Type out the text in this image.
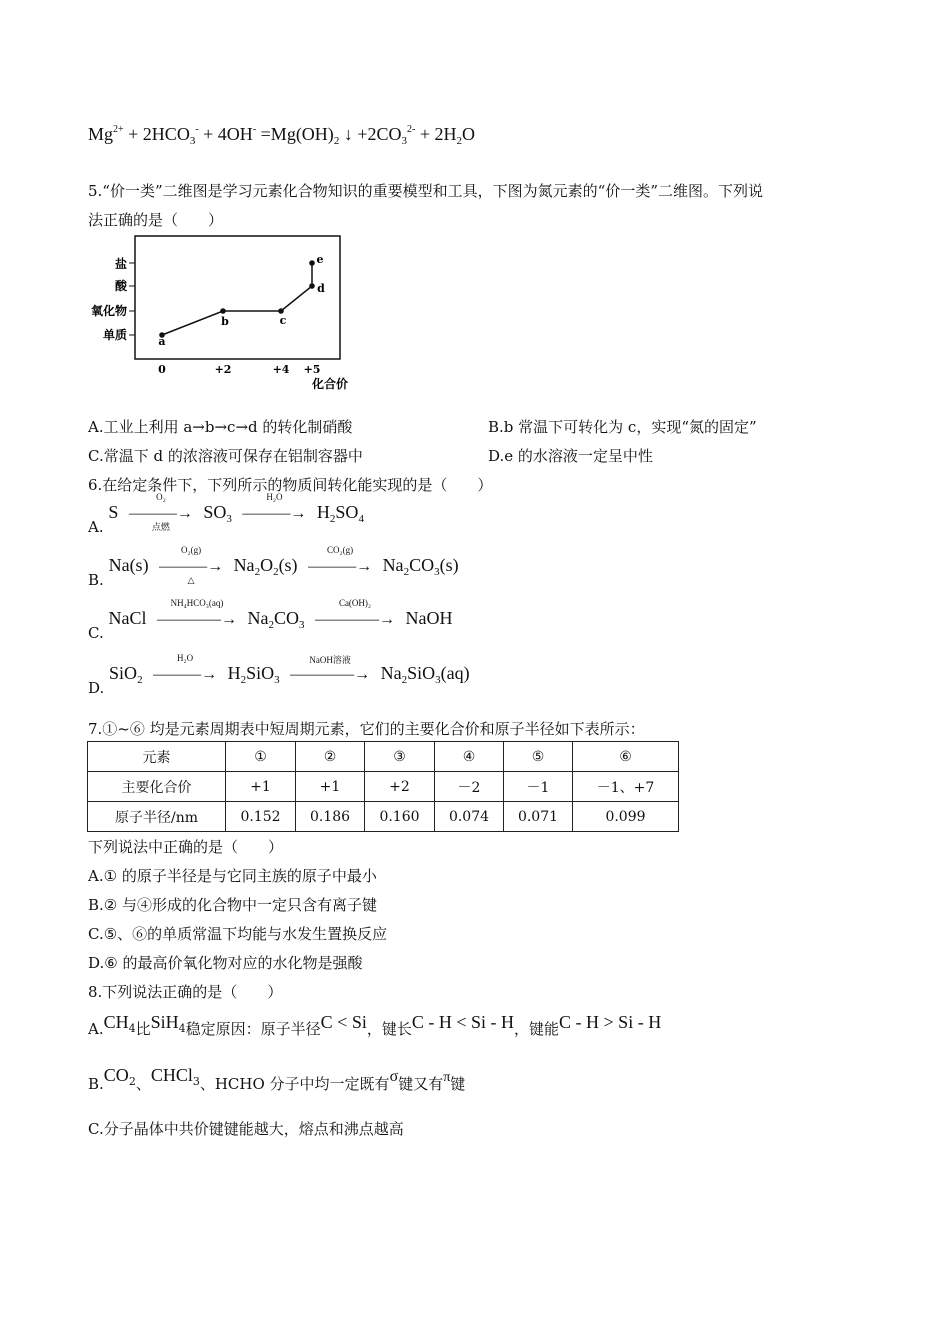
$Mg^{2+} + 2HCO_3^- + 4OH^- =Mg(OH)_2$ ↓ $+2CO_3^{2-} + 2H_2O$
5.“价一类”二维图是学习元素化合物知识的重要模型和工具，下图为氮元素的“价一类”二维图。下列说
法正确的是（　　）
盐
酸
氧化物
单质
0	+2	+4 +5
化合价
a
b	c
d
e
A.工业上利用 a→b→c→d 的转化制硝酸	B.b 常温下可转化为 c，实现“氮的固定”
C.常温下 d 的浓溶液可保存在铝制容器中	D.e 的水溶液一定呈中性
6.在给定条件下，下列所示的物质间转化能实现的是（　　）
A. S
O₂
———→
点燃
$SO_3$
H₂O
———→ $H_2SO_4$
B. Na(s)
O₂(g)
———→
△
$Na_2O_2(s)$
CO₂(g)
———→ $Na_2CO_3(s)$
C. NaCl
NH₄HCO₃(aq)
————→ $Na_2CO_3$
Ca(OH)₂
————→ NaOH
D. SiO$_2$
H₂O
———→ $H_2SiO_3$
NaOH溶液
————→ $Na_2SiO_3(aq)$
7.①~⑥ 均是元素周期表中短周期元素，它们的主要化合价和原子半径如下表所示：
元素	①	②	③	④	⑤	⑥
主要化合价	+1	+1	+2	－2	－1	－1、+7
原子半径/nm	0.152	0.186	0.160	0.074	0.071	0.099
下列说法中正确的是（　　）
A.① 的原子半径是与它同主族的原子中最小
B.② 与④形成的化合物中一定只含有离子键
C.⑤、⑥的单质常温下均能与水发生置换反应
D.⑥ 的最高价氧化物对应的水化物是强酸
8.下列说法正确的是（　　）
$A.CH_4$比SiH$_4$稳定原因：原子半径C < Si，键长C - H < Si - H，键能C - H > Si - H
$B.CO_2$、CHCl$_3$、HCHO 分子中均一定既有σ键又有π键
C.分子晶体中共价键键能越大，熔点和沸点越高
